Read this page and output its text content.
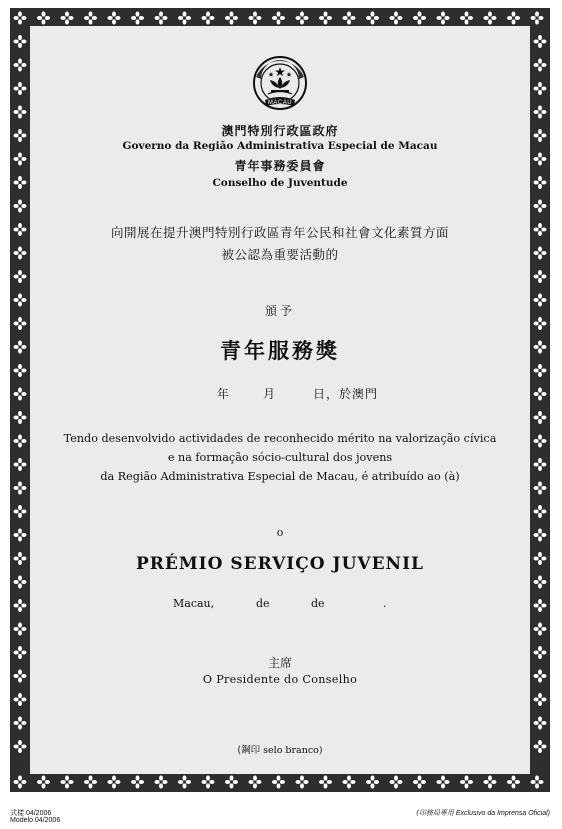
MACAU
澳門特別行政區政府
Governo da Região Administrativa Especial de Macau
青年事務委員會
Conselho de Juventude
向開展在提升澳門特別行政區青年公民和社會文化素質方面
被公認為重要活動的
頒予
青年服務獎
年	月	日，於澳門
Tendo desenvolvido actividades de reconhecido mérito na valorização cívica
e na formação sócio-cultural dos jovens
da Região Administrativa Especial de Macau, é atribuído ao (à)
o
PRÉMIO SERVIÇO JUVENIL
Macau,	de	de	.
主席
O Presidente do Conselho
(鋼印 selo branco)
式樣 04/2006
Modelo 04/2006
(印務局專用 Exclusivo da Imprensa Oficial)
